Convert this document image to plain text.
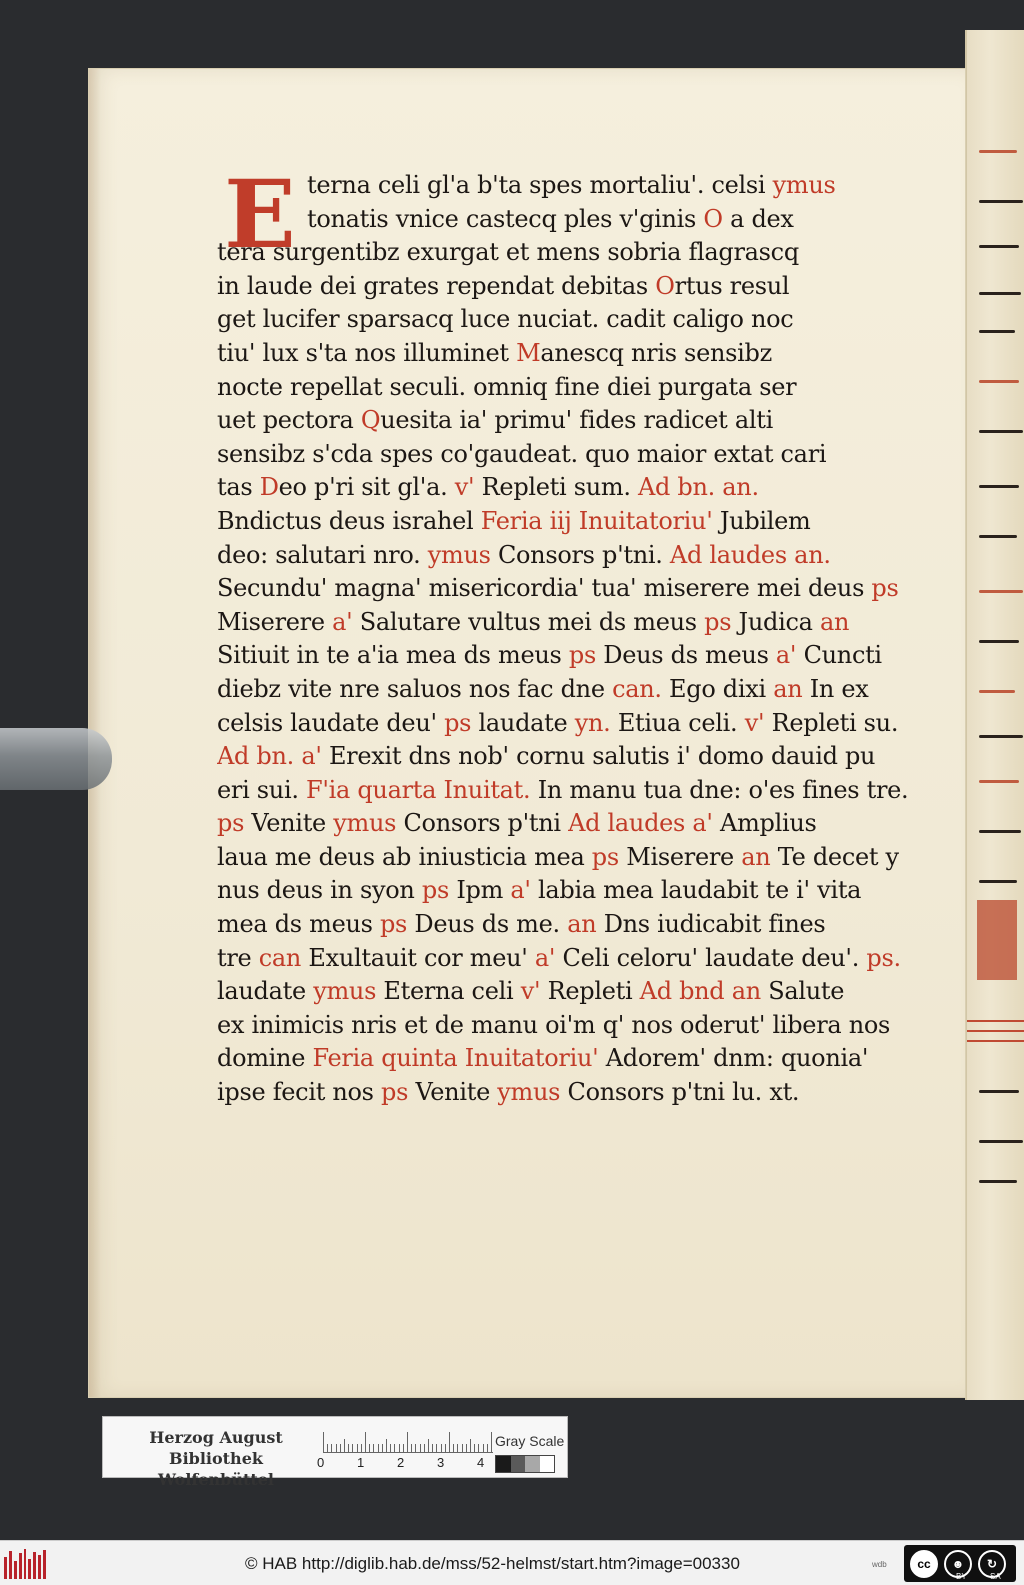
E terna celi gl'a b'ta spes mortaliu'. celsi ymus
tonatis vnice castecq ples v'ginis O a dex
tera surgentibz exurgat et mens sobria flagrascq
in laude dei grates rependat debitas Ortus resul
get lucifer sparsacq luce nuciat. cadit caligo noc
tiu' lux s'ta nos illuminet Manescq nris sensibz
nocte repellat seculi. omniq fine diei purgata ser
uet pectora Quesita ia' primu' fides radicet alti
sensibz s'cda spes co'gaudeat. quo maior extat cari
tas Deo p'ri sit gl'a. v' Repleti sum. Ad bn. an.
Bndictus deus israhel Feria iij Inuitatoriu' Jubilem
deo: salutari nro. ymus Consors p'tni. Ad laudes an.
Secundu' magna' misericordia' tua' miserere mei deus ps
Miserere a' Salutare vultus mei ds meus ps Judica an
Sitiuit in te a'ia mea ds meus ps Deus ds meus a' Cuncti
diebz vite nre saluos nos fac dne can. Ego dixi an In ex
celsis laudate deu' ps laudate yn. Etiua celi. v' Repleti su.
Ad bn. a' Erexit dns nob' cornu salutis i' domo dauid pu
eri sui. F'ia quarta Inuitat. In manu tua dne: o'es fines tre.
ps Venite ymus Consors p'tni Ad laudes a' Amplius
laua me deus ab iniusticia mea ps Miserere an Te decet y
nus deus in syon ps Ipm a' labia mea laudabit te i' vita
mea ds meus ps Deus ds me. an Dns iudicabit fines
tre can Exultauit cor meu' a' Celi celoru' laudate deu'. ps.
laudate ymus Eterna celi v' Repleti Ad bnd an Salute
ex inimicis nris et de manu oi'm q' nos oderut' libera nos
domine Feria quinta Inuitatoriu' Adorem' dnm: quonia'
ipse fecit nos ps Venite ymus Consors p'tni lu. xt.
Herzog August Bibliothek
Wolfenbüttel
0	1	2	3	4
Gray Scale
© HAB http://diglib.hab.de/mss/52-helmst/start.htm?image=00330	wdb	cc	☻	↻
BY	SA
